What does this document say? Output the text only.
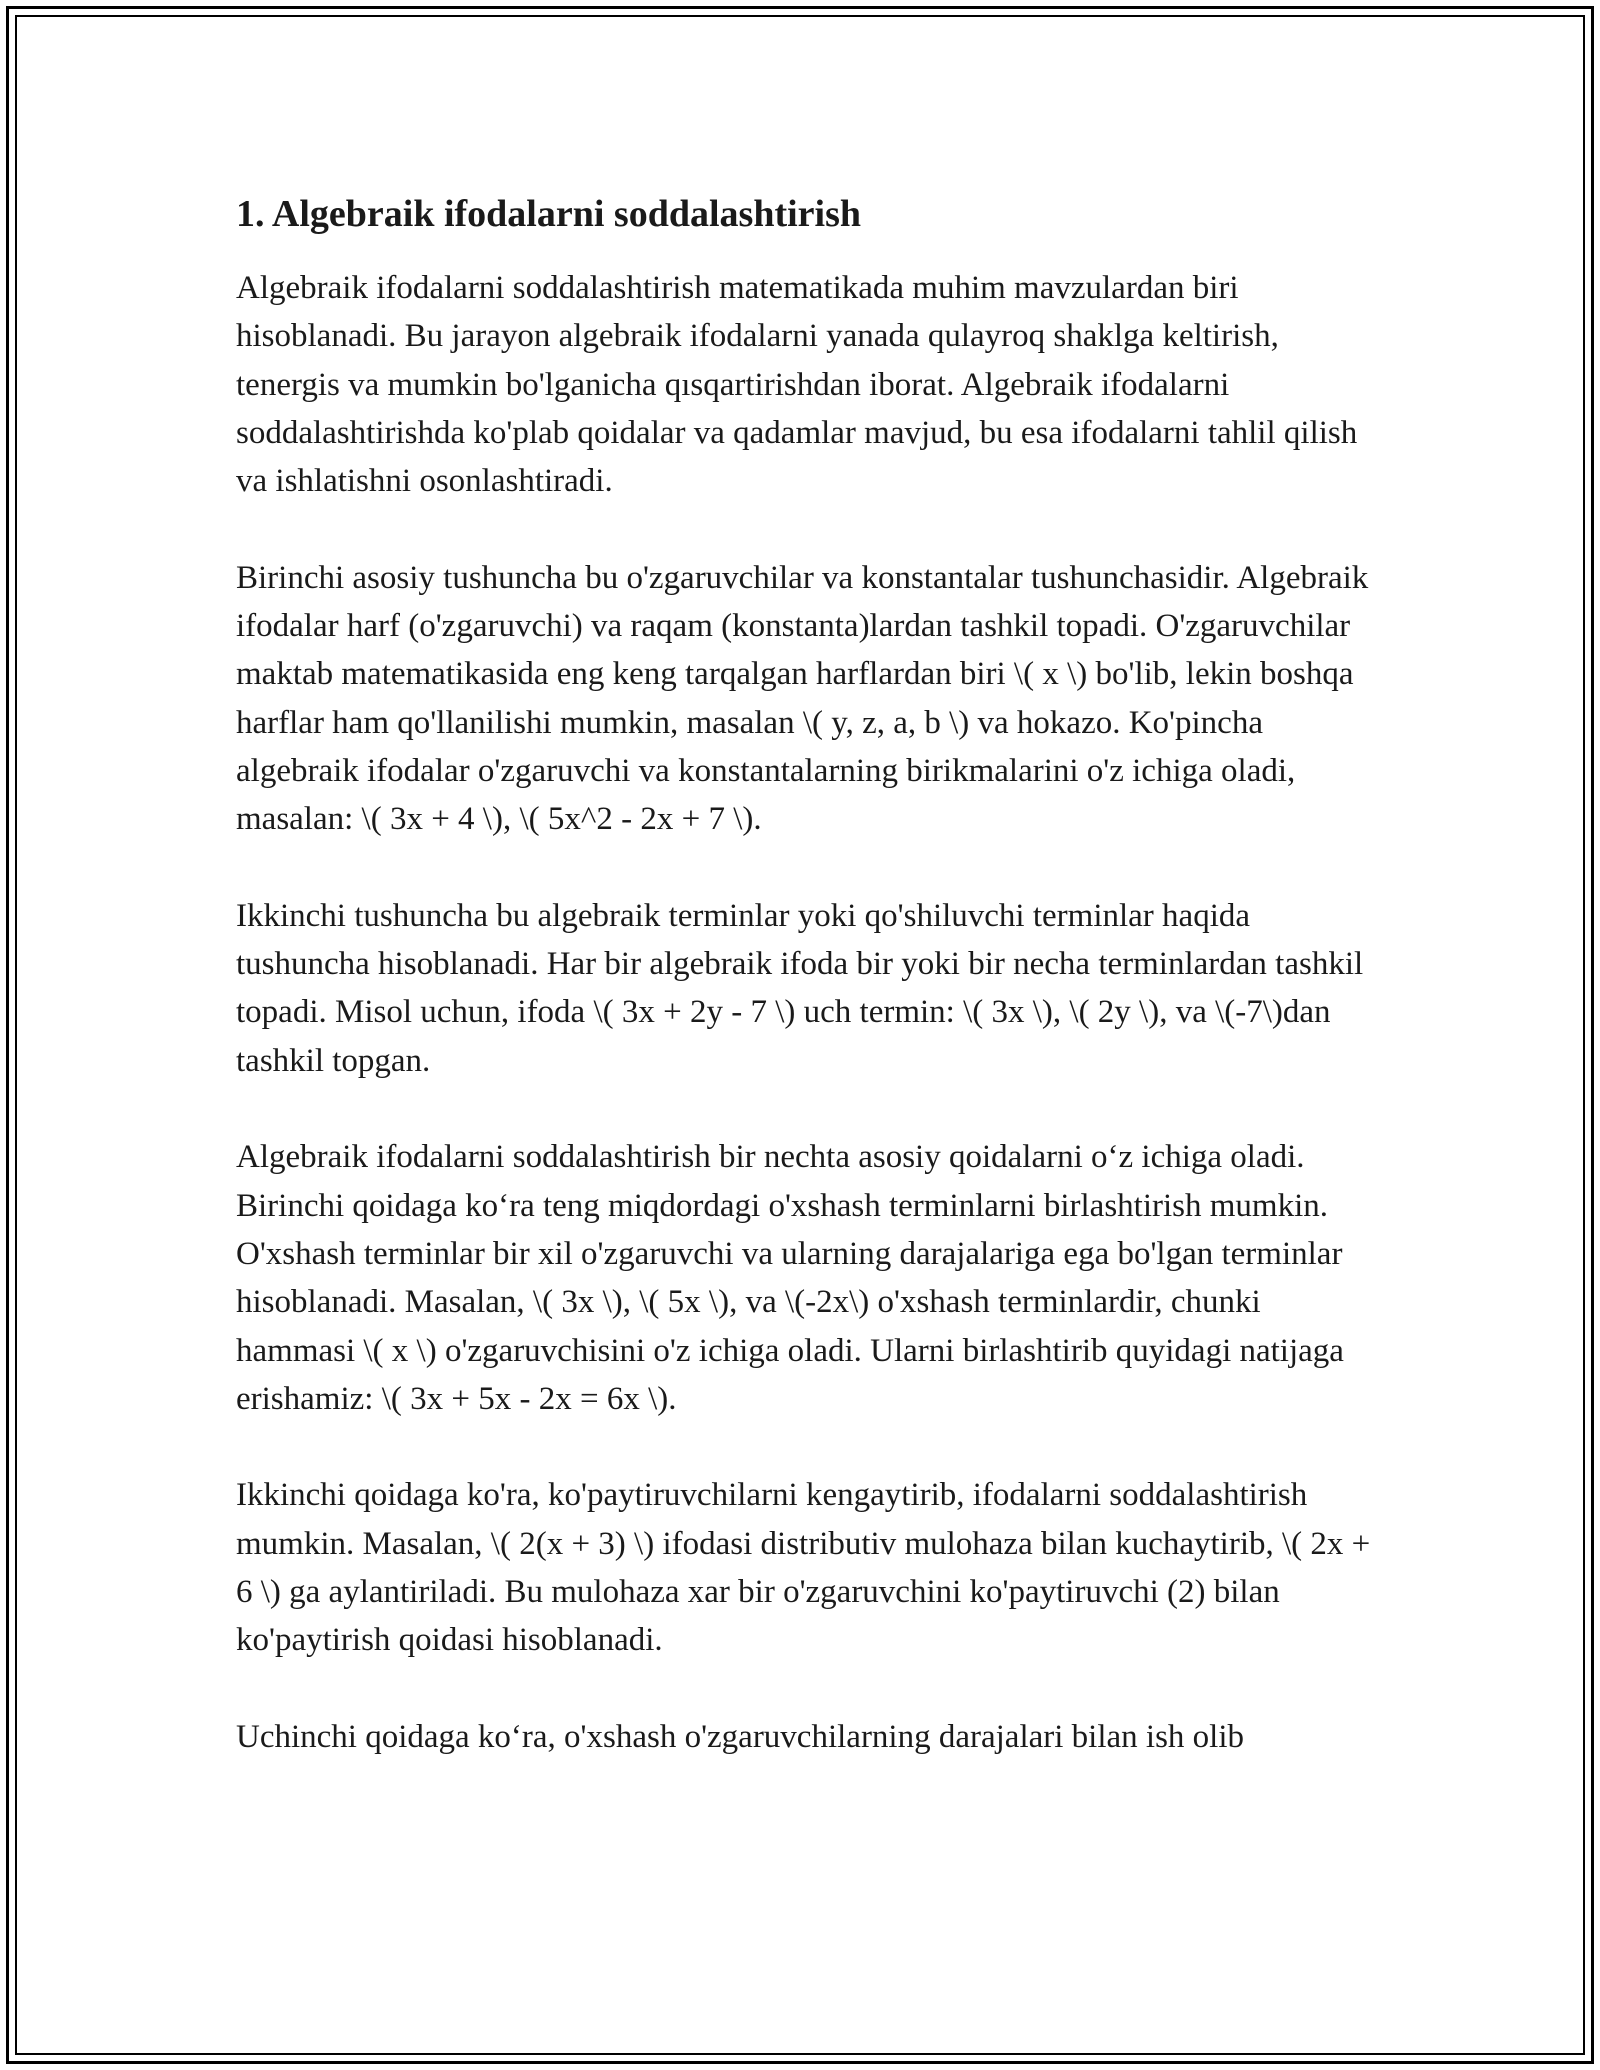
1. Algebraik ifodalarni soddalashtirish

Algebraik ifodalarni soddalashtirish matematikada muhim mavzulardan biri hisoblanadi. Bu jarayon algebraik ifodalarni yanada qulayroq shaklga keltirish, tenergis va mumkin bo'lganicha qısqartirishdan iborat. Algebraik ifodalarni soddalashtirishda ko'plab qoidalar va qadamlar mavjud, bu esa ifodalarni tahlil qilish va ishlatishni osonlashtiradi.

Birinchi asosiy tushuncha bu o'zgaruvchilar va konstantalar tushunchasidir. Algebraik ifodalar harf (o'zgaruvchi) va raqam (konstanta)lardan tashkil topadi. O'zgaruvchilar maktab matematikasida eng keng tarqalgan harflardan biri \( x \) bo'lib, lekin boshqa harflar ham qo'llanilishi mumkin, masalan \( y, z, a, b \) va hokazo. Ko'pincha algebraik ifodalar o'zgaruvchi va konstantalarning birikmalarini o'z ichiga oladi, masalan: \( 3x + 4 \), \( 5x^2 - 2x + 7 \).

Ikkinchi tushuncha bu algebraik terminlar yoki qo'shiluvchi terminlar haqida tushuncha hisoblanadi. Har bir algebraik ifoda bir yoki bir necha terminlardan tashkil topadi. Misol uchun, ifoda \( 3x + 2y - 7 \) uch termin: \( 3x \), \( 2y \), va \(-7\)dan tashkil topgan.

Algebraik ifodalarni soddalashtirish bir nechta asosiy qoidalarni o‘z ichiga oladi. Birinchi qoidaga ko‘ra teng miqdordagi o'xshash terminlarni birlashtirish mumkin. O'xshash terminlar bir xil o'zgaruvchi va ularning darajalariga ega bo'lgan terminlar hisoblanadi. Masalan, \( 3x \), \( 5x \), va \(-2x\) o'xshash terminlardir, chunki hammasi \( x \) o'zgaruvchisini o'z ichiga oladi. Ularni birlashtirib quyidagi natijaga erishamiz: \( 3x + 5x - 2x = 6x \).

Ikkinchi qoidaga ko'ra, ko'paytiruvchilarni kengaytirib, ifodalarni soddalashtirish mumkin. Masalan, \( 2(x + 3) \) ifodasi distributiv mulohaza bilan kuchaytirib, \( 2x + 6 \) ga aylantiriladi. Bu mulohaza xar bir o'zgaruvchini ko'paytiruvchi (2) bilan ko'paytirish qoidasi hisoblanadi.

Uchinchi qoidaga ko‘ra, o'xshash o'zgaruvchilarning darajalari bilan ish olib
